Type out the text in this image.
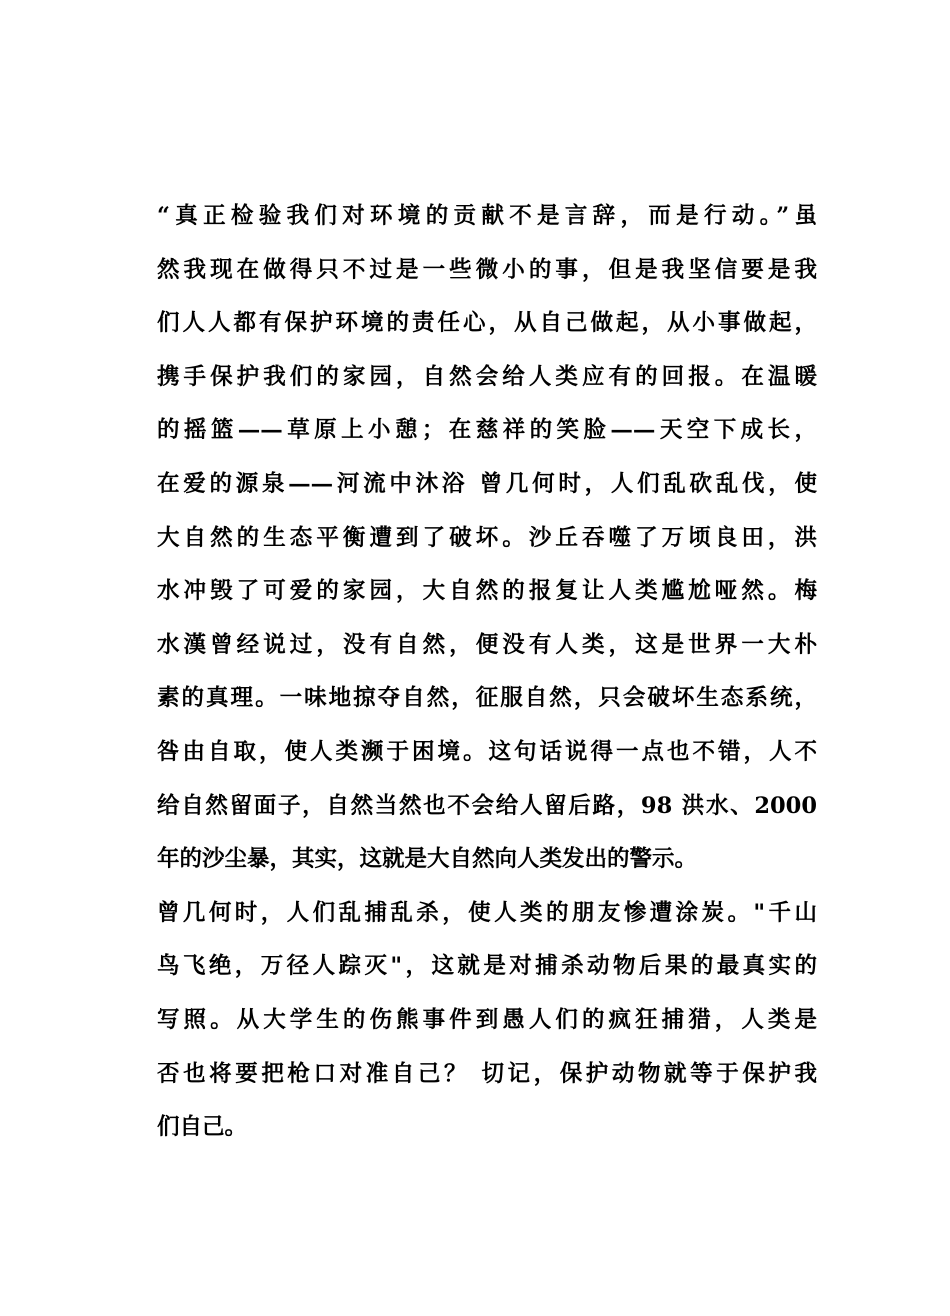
“真正检验我们对环境的贡献不是言辞，而是行动。”虽
然我现在做得只不过是一些微小的事，但是我坚信要是我
们人人都有保护环境的责任心，从自己做起，从小事做起，
携手保护我们的家园，自然会给人类应有的回报。在温暖
的摇篮——草原上小憩；在慈祥的笑脸——天空下成长，
在爱的源泉——河流中沐浴 曾几何时，人们乱砍乱伐，使
大自然的生态平衡遭到了破坏。沙丘吞噬了万顷良田，洪
水冲毁了可爱的家园，大自然的报复让人类尴尬哑然。梅
水漢曾经说过，没有自然，便没有人类，这是世界一大朴
素的真理。一味地掠夺自然，征服自然，只会破坏生态系统，
咎由自取，使人类濒于困境。这句话说得一点也不错，人不
给自然留面子，自然当然也不会给人留后路，98 洪水、2000
年的沙尘暴，其实，这就是大自然向人类发出的警示。
曾几何时，人们乱捕乱杀，使人类的朋友惨遭涂炭。"千山
鸟飞绝，万径人踪灭"，这就是对捕杀动物后果的最真实的
写照。从大学生的伤熊事件到愚人们的疯狂捕猎，人类是
否也将要把枪口对准自己？ 切记，保护动物就等于保护我
们自己。
